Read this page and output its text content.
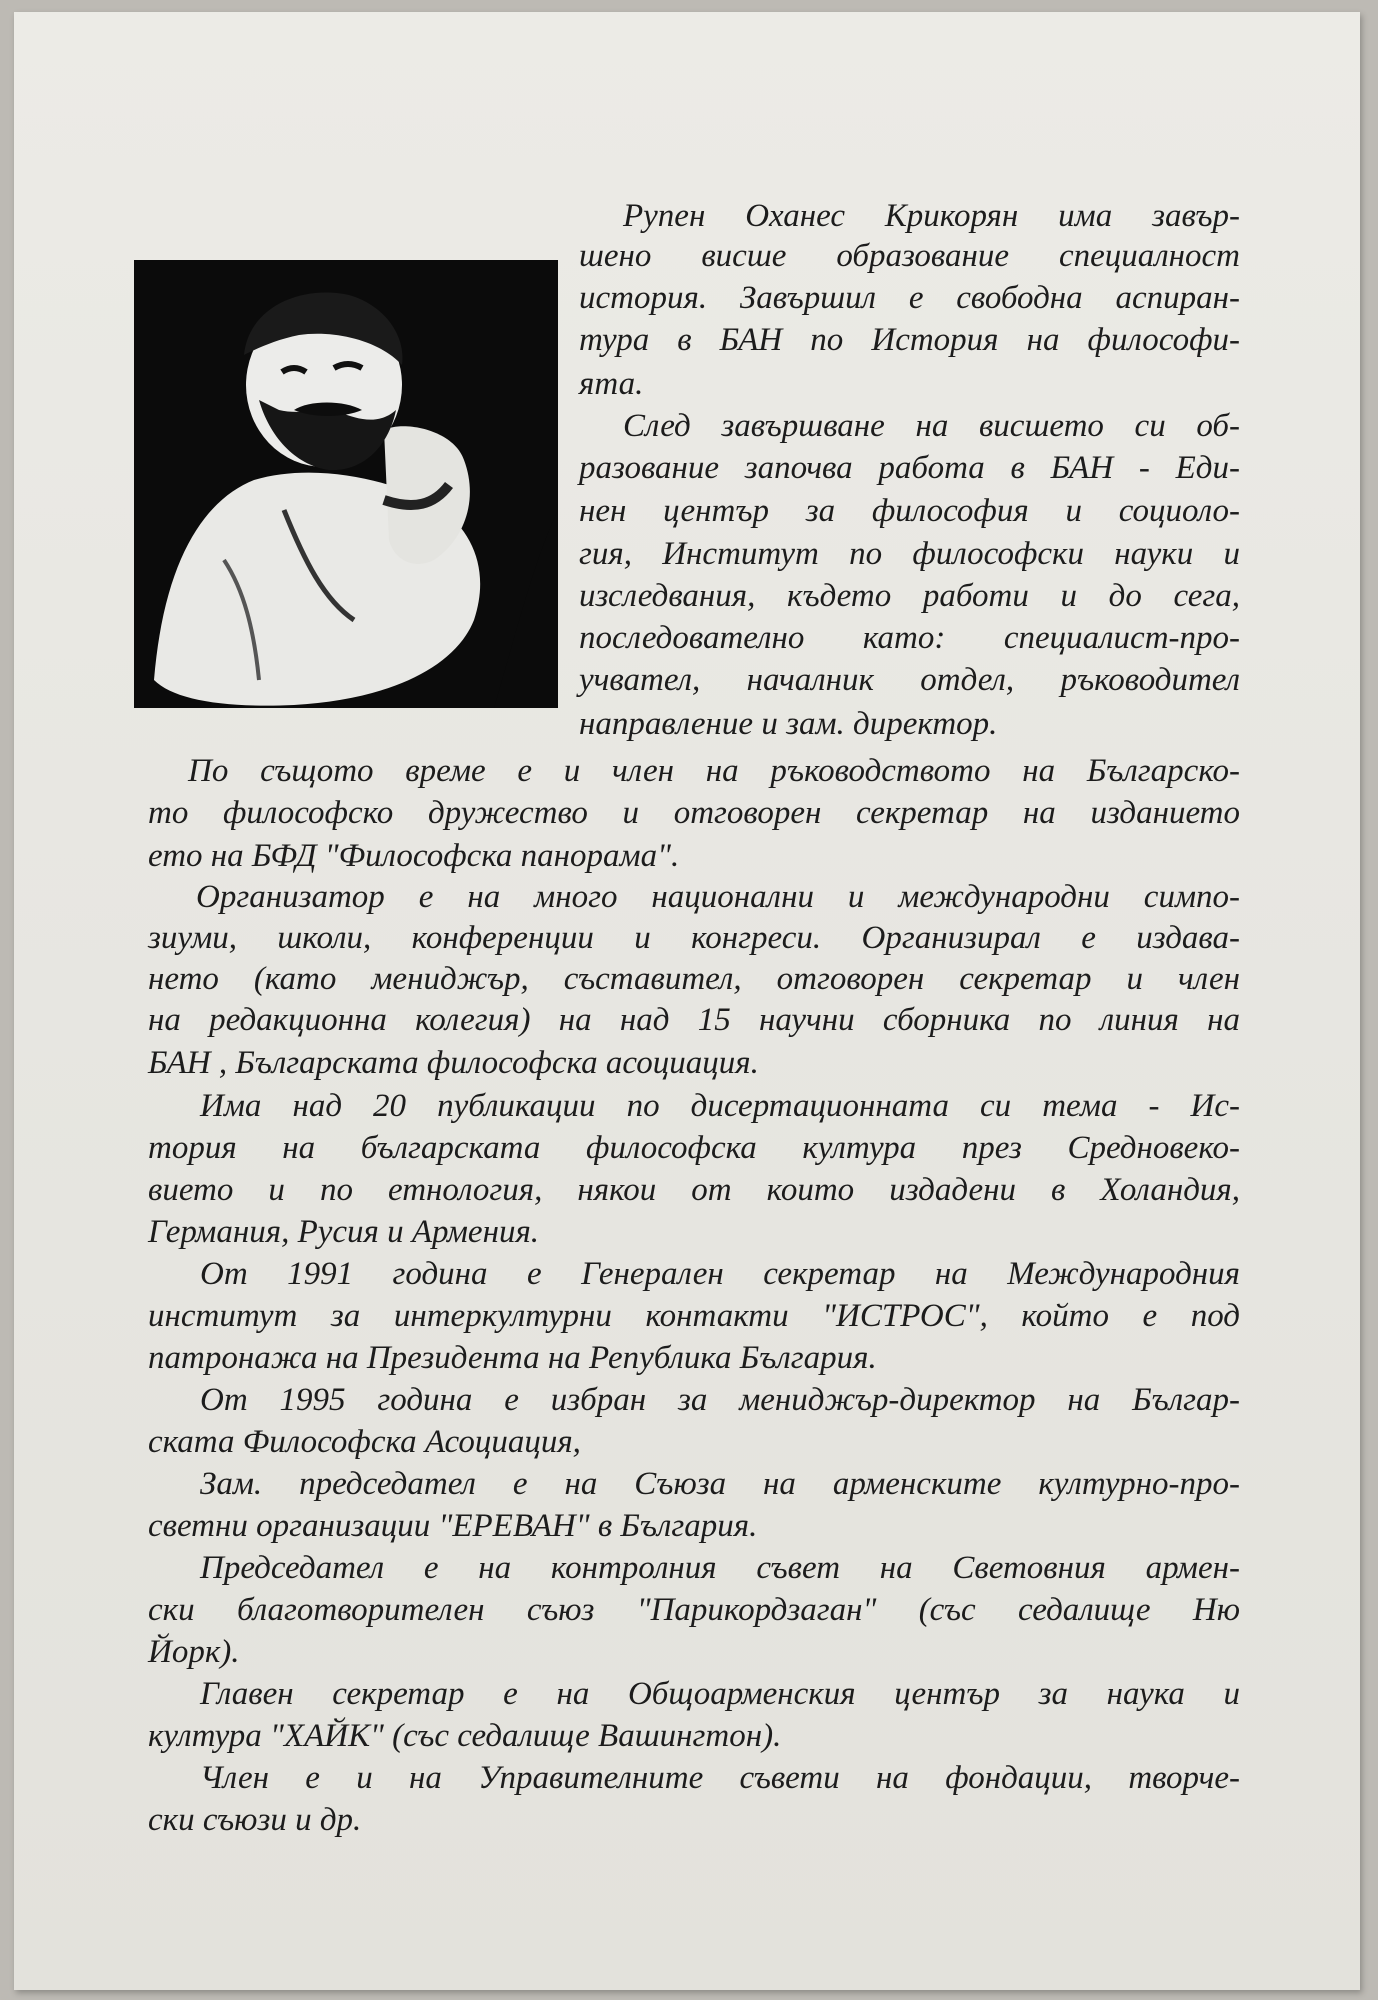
Рупен Оханес Крикорян има завър-
шено висше образование специалност
история. Завършил е свободна аспиран-
тура в БАН по История на философи-
ята.
След завършване на висшето си об-
разование започва работа в БАН - Еди-
нен център за философия и социоло-
гия, Институт по философски науки и
изследвания, където работи и до сега,
последователно като: специалист-про-
учвател, началник отдел, ръководител
направление и зам. директор.
По същото време е и член на ръководството на Българско-
то философско дружество и отговорен секретар на изданието
ето на БФД "Философска панорама".
Организатор е на много национални и международни симпо-
зиуми, школи, конференции и конгреси. Организирал е издава-
нето (като мениджър, съставител, отговорен секретар и член
на редакционна колегия) на над 15 научни сборника по линия на
БАН , Българската философска асоциация.
Има над 20 публикации по дисертационната си тема - Ис-
тория на българската философска култура през Средновеко-
вието и по етнология, някои от които издадени в Холандия,
Германия, Русия и Армения.
От 1991 година е Генерален секретар на Международния
институт за интеркултурни контакти "ИСТРОС", който е под
патронажа на Президента на Република България.
От 1995 година е избран за мениджър-директор на Българ-
ската Философска Асоциация,
Зам. председател е на Съюза на арменските културно-про-
светни организации "ЕРЕВАН" в България.
Председател е на контролния съвет на Световния армен-
ски благотворителен съюз "Парикордзаган" (със седалище Ню
Йорк).
Главен секретар е на Общоарменския център за наука и
култура "ХАЙК" (със седалище Вашингтон).
Член е и на Управителните съвети на фондации, творче-
ски съюзи и др.
